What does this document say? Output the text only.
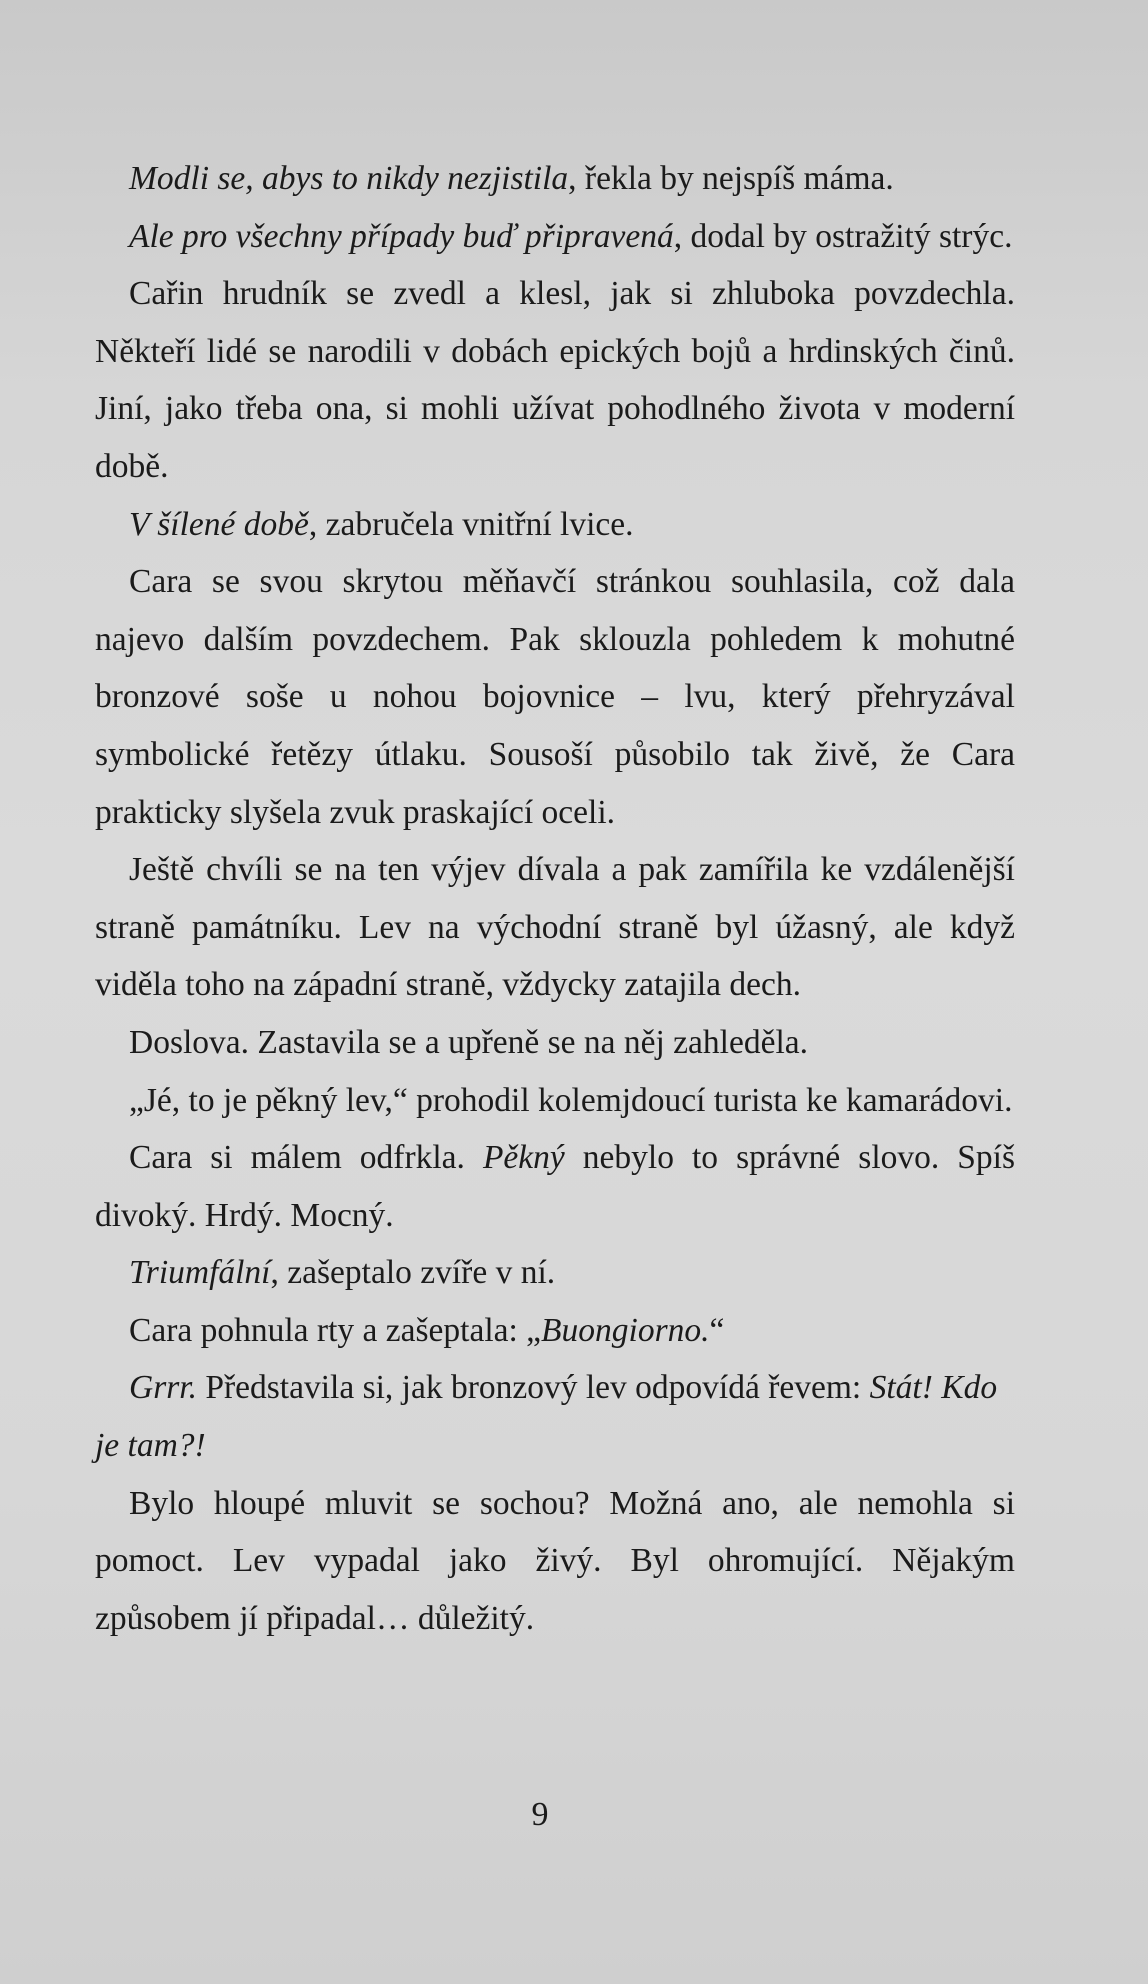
Modli se, abys to nikdy nezjistila, řekla by nejspíš máma.

Ale pro všechny případy buď připravená, dodal by ostražitý strýc.

Cařin hrudník se zvedl a klesl, jak si zhluboka povzdechla. Někteří lidé se narodili v dobách epických bojů a hrdinských činů. Jiní, jako třeba ona, si mohli užívat pohodlného života v moderní době.

V šílené době, zabručela vnitřní lvice.

Cara se svou skrytou měňavčí stránkou souhlasila, což dala najevo dalším povzdechem. Pak sklouzla pohledem k mohutné bronzové soše u nohou bojovnice – lvu, který přehryzával symbolické řetězy útlaku. Sousoší působilo tak živě, že Cara prakticky slyšela zvuk praskající oceli.

Ještě chvíli se na ten výjev dívala a pak zamířila ke vzdálenější straně památníku. Lev na východní straně byl úžasný, ale když viděla toho na západní straně, vždycky zatajila dech.

Doslova. Zastavila se a upřeně se na něj zahleděla.

„Jé, to je pěkný lev,“ prohodil kolemjdoucí turista ke kamarádovi.

Cara si málem odfrkla. Pěkný nebylo to správné slovo. Spíš divoký. Hrdý. Mocný.

Triumfální, zašeptalo zvíře v ní.

Cara pohnula rty a zašeptala: „Buongiorno.“

Grrr. Představila si, jak bronzový lev odpovídá řevem: Stát! Kdo je tam?!

Bylo hloupé mluvit se sochou? Možná ano, ale nemohla si pomoct. Lev vypadal jako živý. Byl ohromující. Nějakým způsobem jí připadal… důležitý.

9
